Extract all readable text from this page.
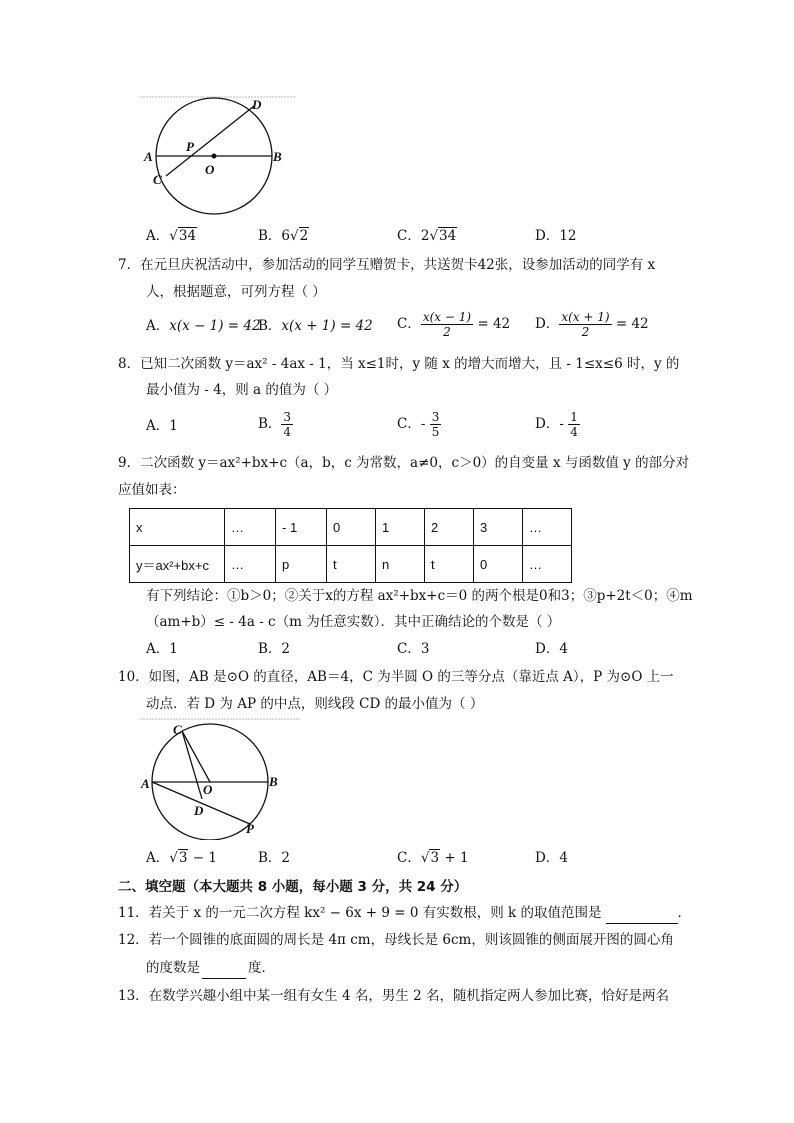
A	B
C
D
P
O
A．√34	B．6√2	C．2√34	D．12
7．在元旦庆祝活动中，参加活动的同学互赠贺卡，共送贺卡42张，设参加活动的同学有 x
人，根据题意，可列方程（ ）
A．x(x − 1) = 42
B．x(x + 1) = 42 C． $\frac{x(x - 1)}{2} = 42$ D． $\frac{x(x + 1)}{2} = 42$
8．已知二次函数 y＝ax² - 4ax - 1，当 x≤1时，y 随 x 的增大而增大，且 - 1≤x≤6 时，y 的
最小值为 - 4，则 a 的值为（ ）
A．1	B． $\frac{3}{4}$	C．- $\frac{3}{5}$	D．- $\frac{1}{4}$
9．二次函数 y＝ax²+bx+c（a，b，c 为常数，a≠0，c＞0）的自变量 x 与函数值 y 的部分对
应值如表：
x	…	- 1	0	1	2	3	…
y＝ax²+bx+c	…	p	t	n	t	0	…
有下列结论：①b＞0；②关于x的方程 ax²+bx+c＝0 的两个根是0和3；③p+2t＜0；④m
（am+b）≤ - 4a - c（m 为任意实数）．其中正确结论的个数是（ ）
A．1	B．2	C．3	D．4
10．如图，AB 是⊙O 的直径，AB＝4，C 为半圆 O 的三等分点（靠近点 A），P 为⊙O 上一
动点．若 D 为 AP 的中点，则线段 CD 的最小值为（ ）
A	B
C
D
O
P
A．√3 − 1	B．2	C．√3 + 1	D．4
二、填空题（本大题共 8 小题，每小题 3 分，共 24 分）
11．若关于 x 的一元二次方程 kx² − 6x + 9 = 0 有实数根，则 k 的取值范围是	．
12．若一个圆锥的底面圆的周长是 4π cm，母线长是 6cm，则该圆锥的侧面展开图的圆心角
的度数是	度．
13．在数学兴趣小组中某一组有女生 4 名，男生 2 名，随机指定两人参加比赛，恰好是两名
